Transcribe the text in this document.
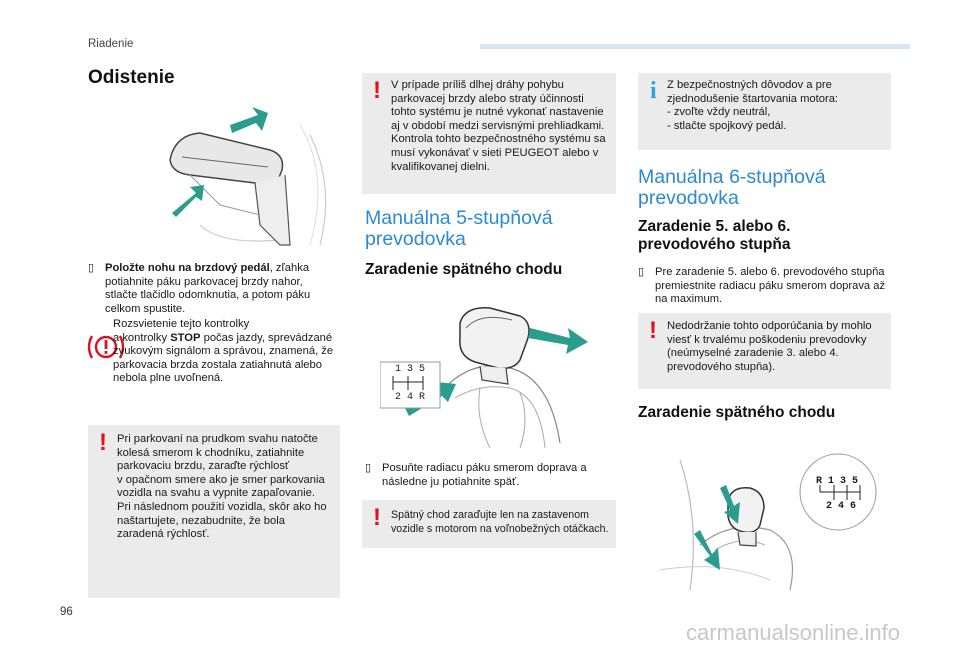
Riadenie
Odistenie
▯ Položte nohu na brzdový pedál, zľahka potiahnite páku parkovacej brzdy nahor, stlačte tlačidlo odomknutia, a potom páku celkom spustite.
Rozsvietenie tejto kontrolky
a kontrolky STOP počas jazdy, sprevádzané zvukovým signálom a správou, znamená, že parkovacia brzda zostala zatiahnutá alebo nebola plne uvoľnená.
! Pri parkovaní na prudkom svahu natočte kolesá smerom k chodníku, zatiahnite parkovaciu brzdu, zaraďte rýchlosť
v opačnom smere ako je smer parkovania vozidla na svahu a vypnite zapaľovanie.
Pri následnom použití vozidla, skôr ako ho naštartujete, nezabudnite, že bola zaradená rýchlosť.
! V prípade príliš dlhej dráhy pohybu parkovacej brzdy alebo straty účinnosti tohto systému je nutné vykonať nastavenie aj v období medzi servisnými prehliadkami.
Kontrola tohto bezpečnostného systému sa musí vykonávať v sieti PEUGEOT alebo v kvalifikovanej dielni.
Manuálna 5-stupňová prevodovka
Zaradenie spätného chodu
1 3 5
2 4 R
▯ Posuňte radiacu páku smerom doprava a následne ju potiahnite späť.
! Spätný chod zaraďujte len na zastavenom vozidle s motorom na voľnobežných otáčkach.
i Z bezpečnostných dôvodov a pre zjednodušenie štartovania motora:
- zvoľte vždy neutrál,
- stlačte spojkový pedál.
Manuálna 6-stupňová prevodovka
Zaradenie 5. alebo 6. prevodového stupňa
▯ Pre zaradenie 5. alebo 6. prevodového stupňa premiestnite radiacu páku smerom doprava až na maximum.
! Nedodržanie tohto odporúčania by mohlo viesť k trvalému poškodeniu prevodovky (neúmyselné zaradenie 3. alebo 4. prevodového stupňa).
Zaradenie spätného chodu
R 1 3 5
2 4 6
96
carmanualsonline.info
